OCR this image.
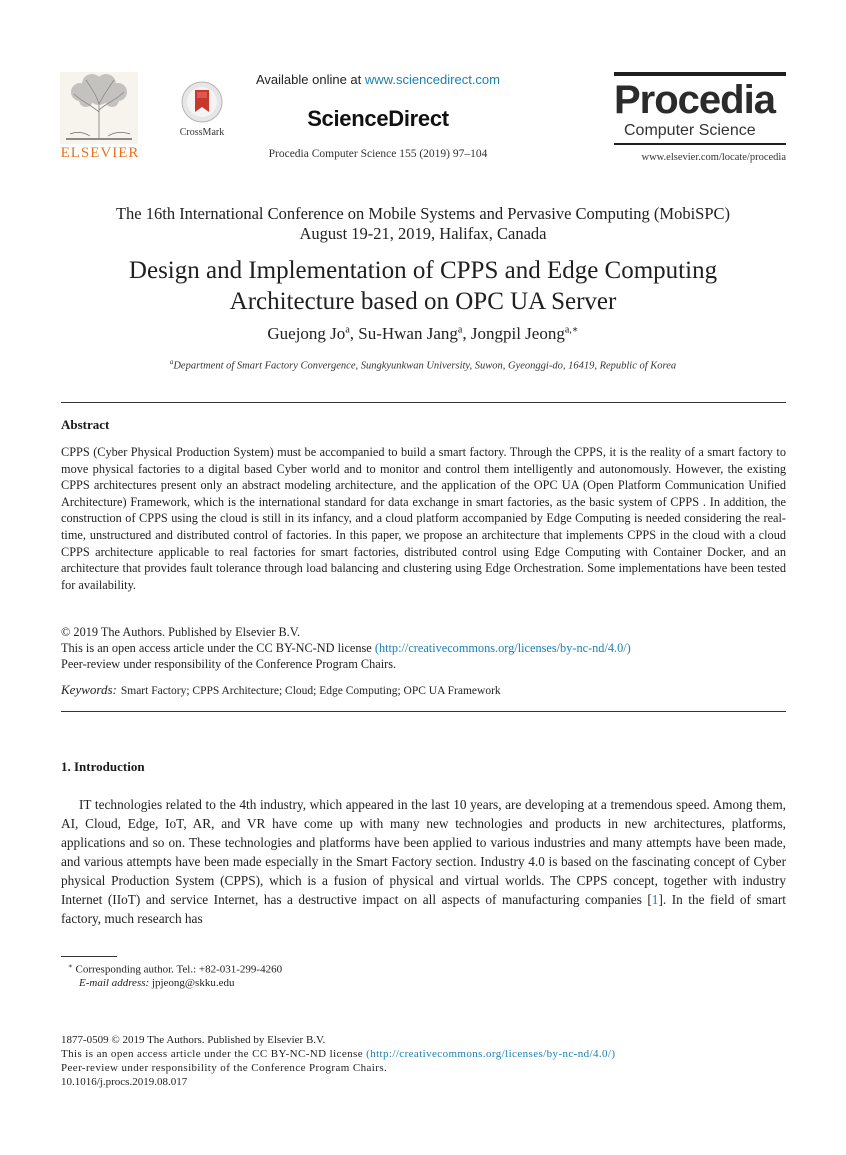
ELSEVIER
CrossMark
Available online at www.sciencedirect.com
ScienceDirect
Procedia Computer Science 155 (2019) 97–104
Procedia
Computer Science
www.elsevier.com/locate/procedia
The 16th International Conference on Mobile Systems and Pervasive Computing (MobiSPC)
August 19-21, 2019, Halifax, Canada
Design and Implementation of CPPS and Edge Computing
Architecture based on OPC UA Server
Guejong Jo$^a$, Su-Hwan Jang$^a$, Jongpil Jeong$^{a,∗}$
$^a$Department of Smart Factory Convergence, Sungkyunkwan University, Suwon, Gyeonggi-do, 16419, Republic of Korea
Abstract
CPPS (Cyber Physical Production System) must be accompanied to build a smart factory. Through the CPPS, it is the reality of a smart factory to move physical factories to a digital based Cyber world and to monitor and control them intelligently and autonomously. However, the existing CPPS architectures present only an abstract modeling architecture, and the application of the OPC UA (Open Platform Communication Unified Architecture) Framework, which is the international standard for data exchange in smart factories, as the basic system of CPPS . In addition, the construction of CPPS using the cloud is still in its infancy, and a cloud platform accompanied by Edge Computing is needed considering the real-time, unstructured and distributed control of factories. In this paper, we propose an architecture that implements CPPS in the cloud with a cloud CPPS architecture applicable to real factories for smart factories, distributed control using Edge Computing with Container Docker, and an architecture that provides fault tolerance through load balancing and clustering using Edge Orchestration. Some implementations have been tested for availability.
© 2019 The Authors. Published by Elsevier B.V.
This is an open access article under the CC BY-NC-ND license (http://creativecommons.org/licenses/by-nc-nd/4.0/)
Peer-review under responsibility of the Conference Program Chairs.
Keywords: Smart Factory; CPPS Architecture; Cloud; Edge Computing; OPC UA Framework
1. Introduction
IT technologies related to the 4th industry, which appeared in the last 10 years, are developing at a tremendous speed. Among them, AI, Cloud, Edge, IoT, AR, and VR have come up with many new technologies and products in new architectures, platforms, applications and so on. These technologies and platforms have been applied to various industries and many attempts have been made, and various attempts have been made especially in the Smart Factory section. Industry 4.0 is based on the fascinating concept of Cyber physical Production System (CPPS), which is a fusion of physical and virtual worlds. The CPPS concept, together with industry Internet (IIoT) and service Internet, has a destructive impact on all aspects of manufacturing companies [1]. In the field of smart factory, much research has
∗ Corresponding author. Tel.: +82-031-299-4260
E-mail address: jpjeong@skku.edu
1877-0509 © 2019 The Authors. Published by Elsevier B.V.
This is an open access article under the CC BY-NC-ND license (http://creativecommons.org/licenses/by-nc-nd/4.0/)
Peer-review under responsibility of the Conference Program Chairs.
10.1016/j.procs.2019.08.017
